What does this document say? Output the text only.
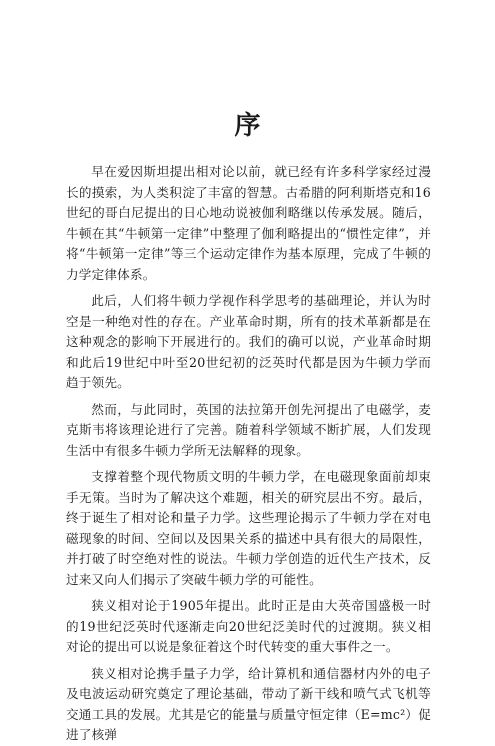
序

早在爱因斯坦提出相对论以前，就已经有许多科学家经过漫长的摸索，为人类积淀了丰富的智慧。古希腊的阿利斯塔克和16世纪的哥白尼提出的日心地动说被伽利略继以传承发展。随后，牛顿在其“牛顿第一定律”中整理了伽利略提出的“惯性定律”，并将“牛顿第一定律”等三个运动定律作为基本原理，完成了牛顿的力学定律体系。

此后，人们将牛顿力学视作科学思考的基础理论，并认为时空是一种绝对性的存在。产业革命时期，所有的技术革新都是在这种观念的影响下开展进行的。我们的确可以说，产业革命时期和此后19世纪中叶至20世纪初的泛英时代都是因为牛顿力学而趋于领先。

然而，与此同时，英国的法拉第开创先河提出了电磁学，麦克斯韦将该理论进行了完善。随着科学领域不断扩展，人们发现生活中有很多牛顿力学所无法解释的现象。

支撑着整个现代物质文明的牛顿力学，在电磁现象面前却束手无策。当时为了解决这个难题，相关的研究层出不穷。最后，终于诞生了相对论和量子力学。这些理论揭示了牛顿力学在对电磁现象的时间、空间以及因果关系的描述中具有很大的局限性，并打破了时空绝对性的说法。牛顿力学创造的近代生产技术，反过来又向人们揭示了突破牛顿力学的可能性。

狭义相对论于1905年提出。此时正是由大英帝国盛极一时的19世纪泛英时代逐渐走向20世纪泛美时代的过渡期。狭义相对论的提出可以说是象征着这个时代转变的重大事件之一。

狭义相对论携手量子力学，给计算机和通信器材内外的电子及电波运动研究奠定了理论基础，带动了新干线和喷气式飞机等交通工具的发展。尤其是它的能量与质量守恒定律（E=mc²）促进了核弹
